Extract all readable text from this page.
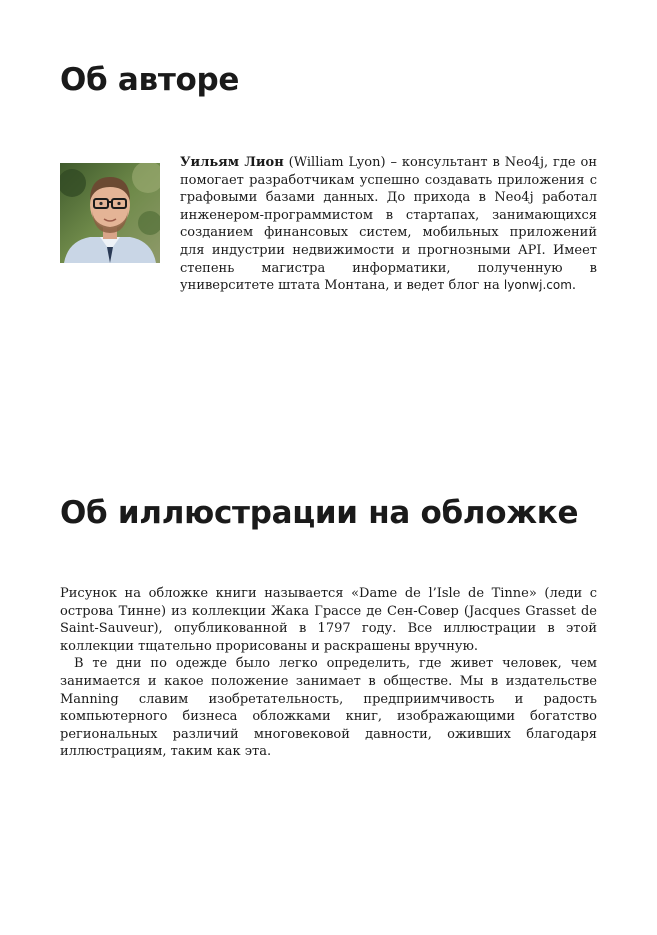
Об авторе
Уильям Лион (William Lyon) – консультант в Neo4j, где он помогает разработчикам успешно создавать приложения с графовыми базами данных. До прихода в Neo4j работал инженером-программистом в стартапах, занимающихся созданием финансовых систем, мобильных приложений для индустрии недвижимости и прогнозными API. Имеет степень магистра информатики, полученную в университете штата Монтана, и ведет блог на lyonwj.com.
Об иллюстрации на обложке

Рисунок на обложке книги называется «Dame de l’Isle de Tinne» (леди с острова Тинне) из коллекции Жака Грассе де Сен-Совер (Jacques Grasset de Saint-Sauveur), опубликованной в 1797 году. Все иллюстрации в этой коллекции тщательно прорисованы и раскрашены вручную.

В те дни по одежде было легко определить, где живет человек, чем занимается и какое положение занимает в обществе. Мы в издательстве Manning славим изобретательность, предприимчивость и радость компьютерного бизнеса обложками книг, изображающими богатство региональных различий многовековой давности, оживших благодаря иллюстрациям, таким как эта.
